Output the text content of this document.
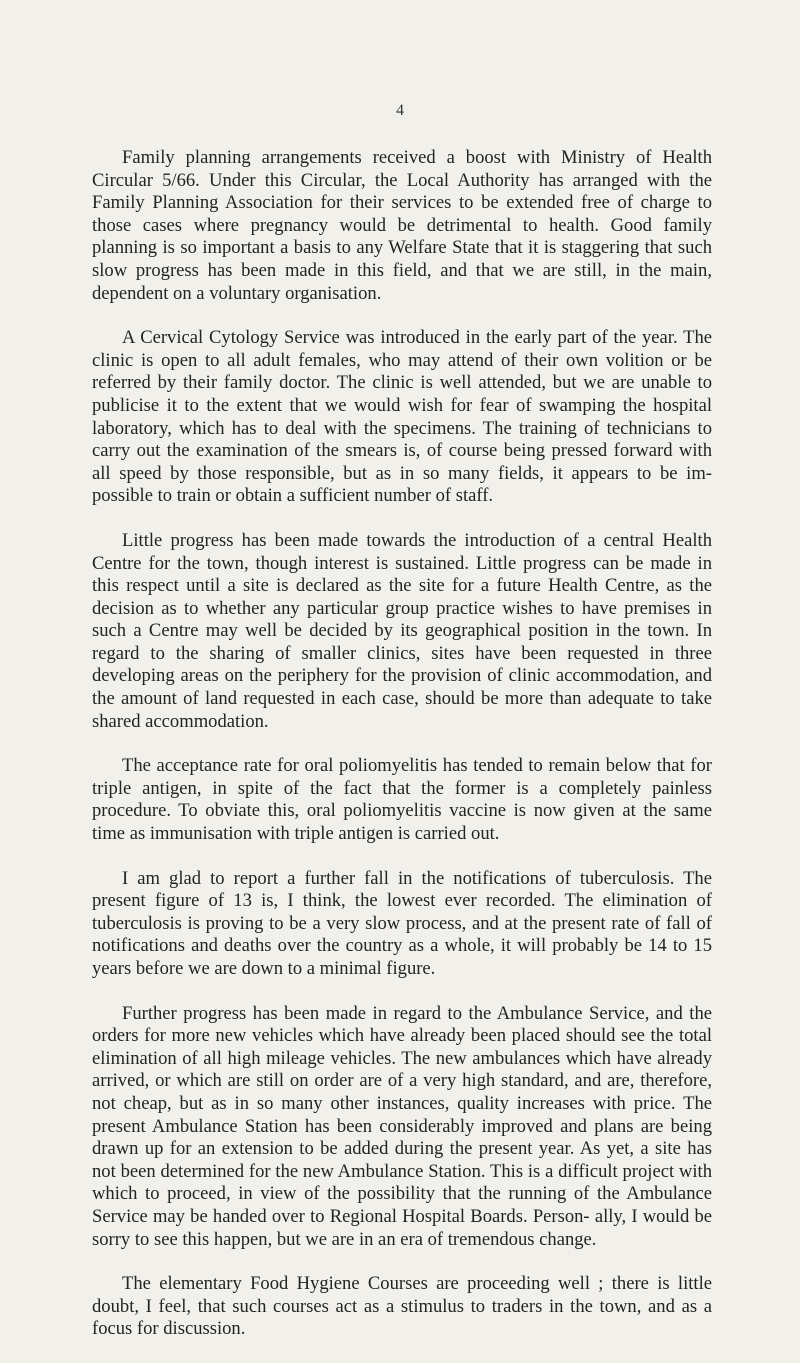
4

Family planning arrangements received a boost with Ministry of Health Circular 5/66. Under this Circular, the Local Authority has arranged with the Family Planning Association for their services to be extended free of charge to those cases where pregnancy would be detrimental to health. Good family planning is so important a basis to any Welfare State that it is staggering that such slow progress has been made in this field, and that we are still, in the main, dependent on a voluntary organisation.

A Cervical Cytology Service was introduced in the early part of the year. The clinic is open to all adult females, who may attend of their own volition or be referred by their family doctor. The clinic is well attended, but we are unable to publicise it to the extent that we would wish for fear of swamping the hospital laboratory, which has to deal with the specimens. The training of technicians to carry out the examination of the smears is, of course being pressed forward with all speed by those responsible, but as in so many fields, it appears to be im- possible to train or obtain a sufficient number of staff.

Little progress has been made towards the introduction of a central Health Centre for the town, though interest is sustained. Little progress can be made in this respect until a site is declared as the site for a future Health Centre, as the decision as to whether any particular group practice wishes to have premises in such a Centre may well be decided by its geographical position in the town. In regard to the sharing of smaller clinics, sites have been requested in three developing areas on the periphery for the provision of clinic accommodation, and the amount of land requested in each case, should be more than adequate to take shared accommodation.

The acceptance rate for oral poliomyelitis has tended to remain below that for triple antigen, in spite of the fact that the former is a completely painless procedure. To obviate this, oral poliomyelitis vaccine is now given at the same time as immunisation with triple antigen is carried out.

I am glad to report a further fall in the notifications of tuberculosis. The present figure of 13 is, I think, the lowest ever recorded. The elimination of tuberculosis is proving to be a very slow process, and at the present rate of fall of notifications and deaths over the country as a whole, it will probably be 14 to 15 years before we are down to a minimal figure.

Further progress has been made in regard to the Ambulance Service, and the orders for more new vehicles which have already been placed should see the total elimination of all high mileage vehicles. The new ambulances which have already arrived, or which are still on order are of a very high standard, and are, therefore, not cheap, but as in so many other instances, quality increases with price. The present Ambulance Station has been considerably improved and plans are being drawn up for an extension to be added during the present year. As yet, a site has not been determined for the new Ambulance Station. This is a difficult project with which to proceed, in view of the possibility that the running of the Ambulance Service may be handed over to Regional Hospital Boards. Person- ally, I would be sorry to see this happen, but we are in an era of tremendous change.

The elementary Food Hygiene Courses are proceeding well ; there is little doubt, I feel, that such courses act as a stimulus to traders in the town, and as a focus for discussion.
